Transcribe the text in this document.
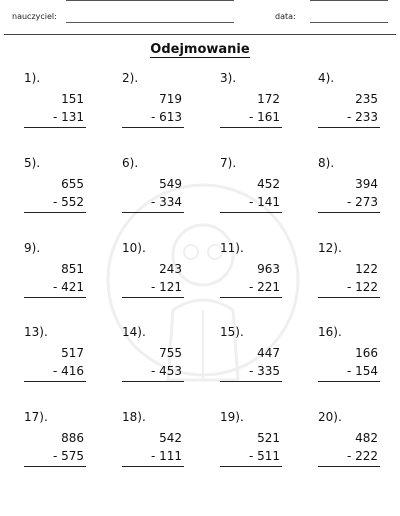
nauczyciel:	data:
Odejmowanie
1).
151
- 131
2).
719
- 613
3).
172
- 161
4).
235
- 233
5).
655
- 552
6).
549
- 334
7).
452
- 141
8).
394
- 273
9).
851
- 421
10).
243
- 121
11).
963
- 221
12).
122
- 122
13).
517
- 416
14).
755
- 453
15).
447
- 335
16).
166
- 154
17).
886
- 575
18).
542
- 111
19).
521
- 511
20).
482
- 222
